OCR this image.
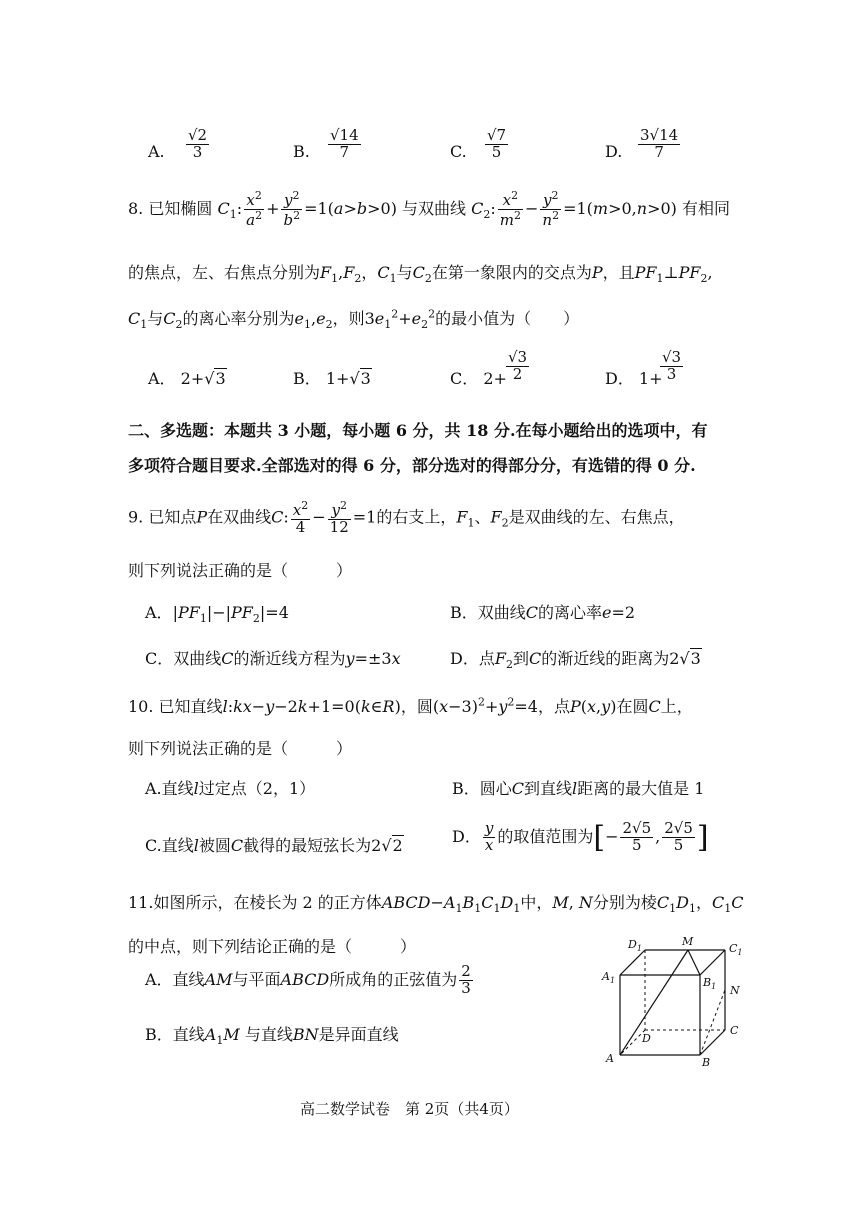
A. $\frac{√2}{3}$	B. $\frac{√14}{7}$	C. $\frac{√7}{5}$	D. $\frac{3√14}{7}$
8. 已知椭圆 $C_1$: $\frac{x^2}{a^2} + \frac{y^2}{b^2} =1(a>b>0)$ 与双曲线 $C_2$: $\frac{x^2}{m^2} - \frac{y^2}{n^2} =1(m>0,n>0)$ 有相同
的焦点，左、右焦点分别为$F_1,F_2$，$C_1$与$C_2$在第一象限内的交点为P，且$PF_1\perp PF_2$,
$C_1$与$C_2$的离心率分别为$e_1,e_2$，则$3e_1^2+e_2^2$的最小值为（　　）
A． 2+√3	B． 1+√3	C． $2+ \frac{√3}{2}$	D． 1+
$\frac{√3}{3}$
二、多选题：本题共 3 小题，每小题 6 分，共 18 分.在每小题给出的选项中，有
多项符合题目要求.全部选对的得 6 分，部分选对的得部分分，有选错的得 0 分.
9. 已知点P在双曲线C: $\frac{x^2}{4} - \frac{y^2}{12} =1$的右支上，$F_1$、$F_2$是双曲线的左、右焦点，
则下列说法正确的是（　　　）
A．$|PF_1|-|PF_2|=4$	B．双曲线C的离心率e=2
C．双曲线C的渐近线方程为y=±3x	D．点$F_2$到C的渐近线的距离为2√3
10. 已知直线l:kx−y−2k+1=0(k∈R)，圆$(x-3)^2+y^2=4$，点P(x,y)在圆C上，
则下列说法正确的是（　　　）
A.直线l过定点（2，1）	B．圆心C到直线l距离的最大值是 1
C.直线l被圆C截得的最短弦长为2√2	D． $\frac{y}{x}$ 的取值范围为[− $\frac{2√5}{5}$ , $\frac{2√5}{5}$ ]
11.如图所示，在棱长为 2 的正方体$ABCD-A_1B_1C_1D_1$中，M, N分别为棱$C_1D_1$，$C_1C$
的中点，则下列结论正确的是（　　　）
A．直线AM与平面ABCD所成角的正弦值为 $\frac{2}{3}$
B．直线$A_1M$ 与直线BN是异面直线
$D_1$
M
$C_1$
$A_1$	$B_1$ N
C
D
A	B
高二数学试卷　第 2页（共4页）
